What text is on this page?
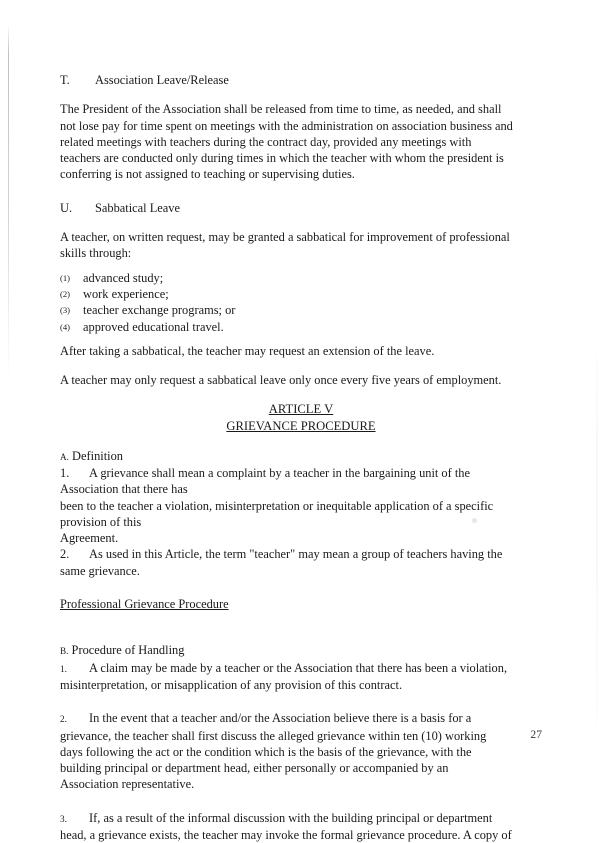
T. Association Leave/Release
The President of the Association shall be released from time to time, as needed, and shall
not lose pay for time spent on meetings with the administration on association business and
related meetings with teachers during the contract day, provided any meetings with
teachers are conducted only during times in which the teacher with whom the president is
conferring is not assigned to teaching or supervising duties.
U. Sabbatical Leave
A teacher, on written request, may be granted a sabbatical for improvement of professional
skills through:
(1) advanced study;
(2) work experience;
(3) teacher exchange programs; or
(4) approved educational travel.
After taking a sabbatical, the teacher may request an extension of the leave.
A teacher may only request a sabbatical leave only once every five years of employment.
ARTICLE V
GRIEVANCE PROCEDURE
A. Definition
1. A grievance shall mean a complaint by a teacher in the bargaining unit of the
Association that there has
been to the teacher a violation, misinterpretation or inequitable application of a specific
provision of this
Agreement.
2. As used in this Article, the term "teacher" may mean a group of teachers having the
same grievance.
Professional Grievance Procedure
B. Procedure of Handling
1. A claim may be made by a teacher or the Association that there has been a violation,
misinterpretation, or misapplication of any provision of this contract.
2. In the event that a teacher and/or the Association believe there is a basis for a
grievance, the teacher shall first discuss the alleged grievance within ten (10) working
days following the act or the condition which is the basis of the grievance, with the
building principal or department head, either personally or accompanied by an
Association representative.
3. If, as a result of the informal discussion with the building principal or department
head, a grievance exists, the teacher may invoke the formal grievance procedure. A copy of
27
